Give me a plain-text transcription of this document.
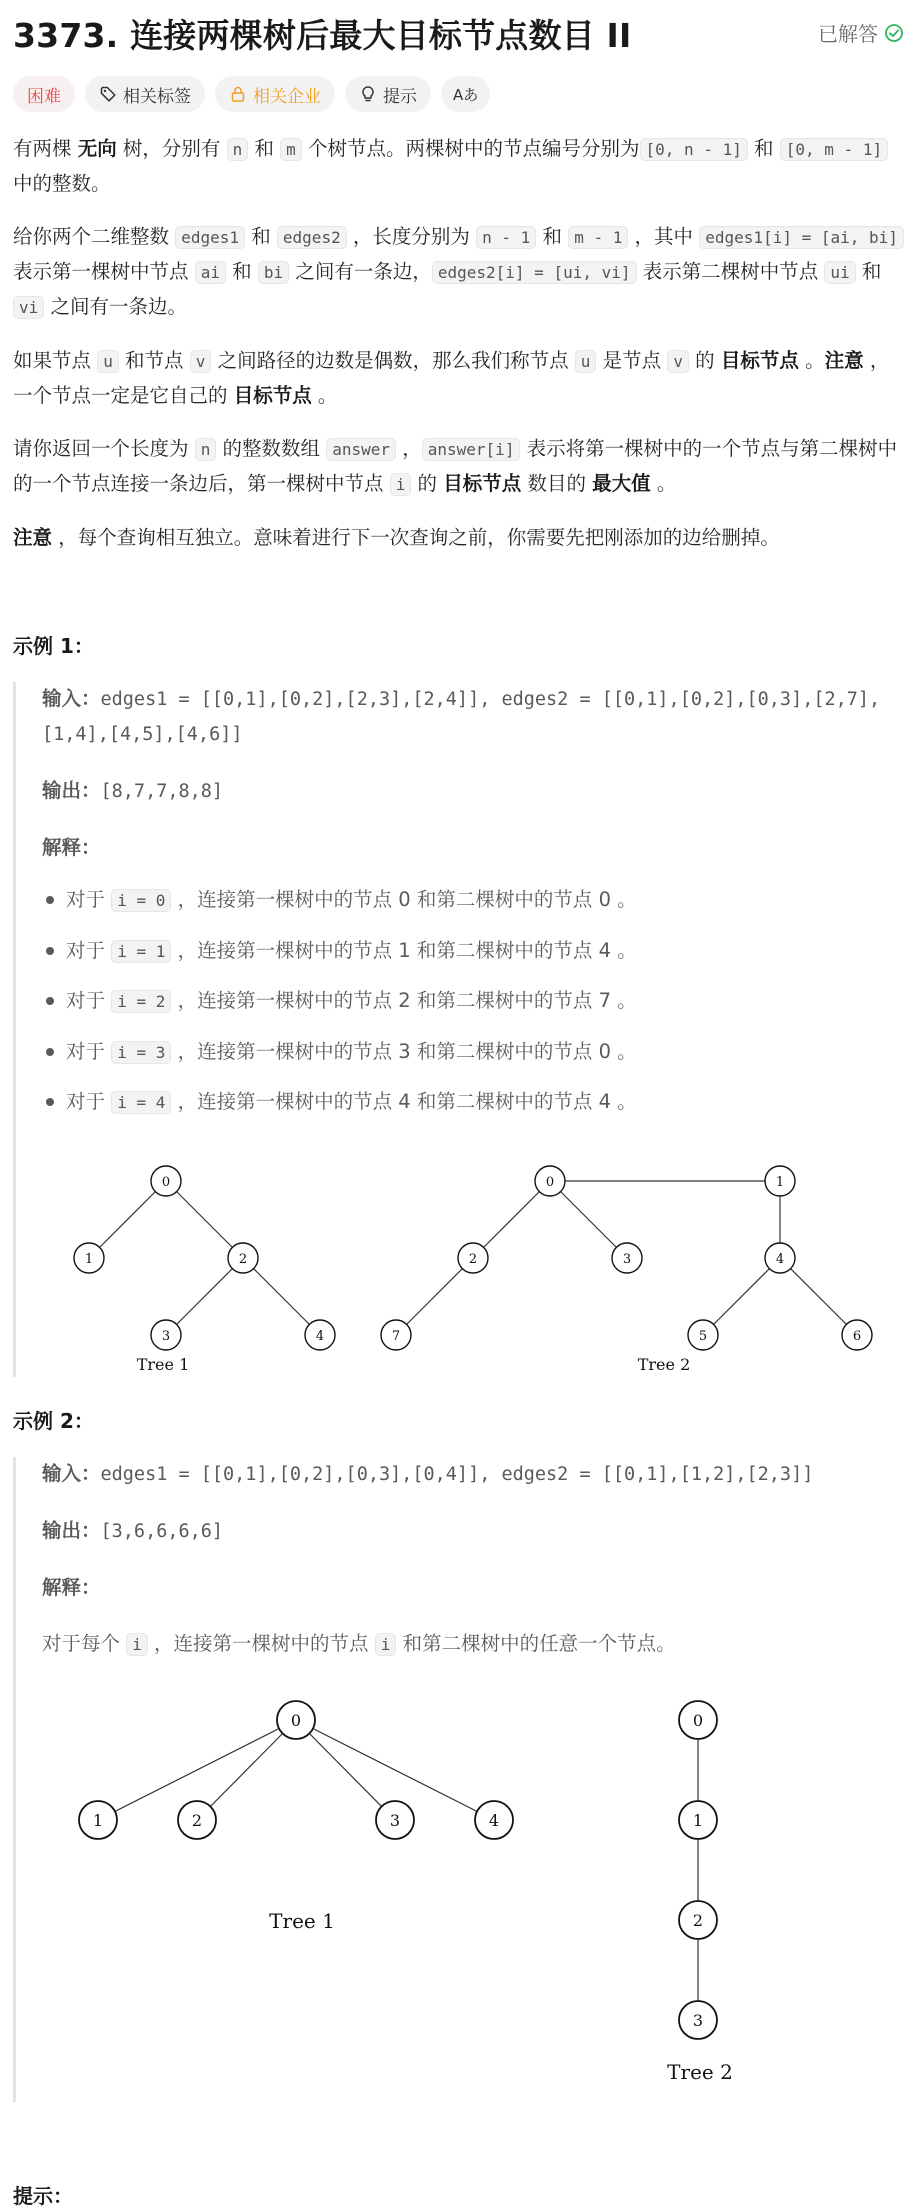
3373. 连接两棵树后最大目标节点数目 II	已解答
困难	相关标签	相关企业	提示 Aあ

有两棵 无向 树，分别有 n 和 m 个树节点。两棵树中的节点编号分别为 [0, n - 1] 和 [0, m - 1] 中的整数。

给你两个二维整数 edges1 和 edges2 ，长度分别为 n - 1 和 m - 1 ，其中 edges1[i] = [ai, bi] 表示第一棵树中节点 ai 和 bi 之间有一条边， edges2[i] = [ui, vi] 表示第二棵树中节点 ui 和 vi 之间有一条边。

如果节点 u 和节点 v 之间路径的边数是偶数，那么我们称节点 u 是节点 v 的 目标节点 。注意 ，一个节点一定是它自己的 目标节点 。

请你返回一个长度为 n 的整数数组 answer ， answer[i] 表示将第一棵树中的一个节点与第二棵树中的一个节点连接一条边后，第一棵树中节点 i 的 目标节点 数目的 最大值 。

注意 ，每个查询相互独立。意味着进行下一次查询之前，你需要先把刚添加的边给删掉。

示例 1：
输入：edges1 = [[0,1],[0,2],[2,3],[2,4]], edges2 = [[0,1],[0,2],[0,3],[2,7],[1,4],[4,5],[4,6]]
输出：[8,7,7,8,8]
解释：
对于 i = 0 ，连接第一棵树中的节点 0 和第二棵树中的节点 0 。
对于 i = 1 ，连接第一棵树中的节点 1 和第二棵树中的节点 4 。
对于 i = 2 ，连接第一棵树中的节点 2 和第二棵树中的节点 7 。
对于 i = 3 ，连接第一棵树中的节点 3 和第二棵树中的节点 0 。
对于 i = 4 ，连接第一棵树中的节点 4 和第二棵树中的节点 4 。
0
1	2
3	4
Tree 1
0	1
2	3	4
5	6
7
Tree 2
示例 2：
输入：edges1 = [[0,1],[0,2],[0,3],[0,4]], edges2 = [[0,1],[1,2],[2,3]]
输出：[3,6,6,6,6]
解释：
对于每个 i ，连接第一棵树中的节点 i 和第二棵树中的任意一个节点。
0
1	2	3	4
Tree 1
0
1
2
3
Tree 2
提示：
